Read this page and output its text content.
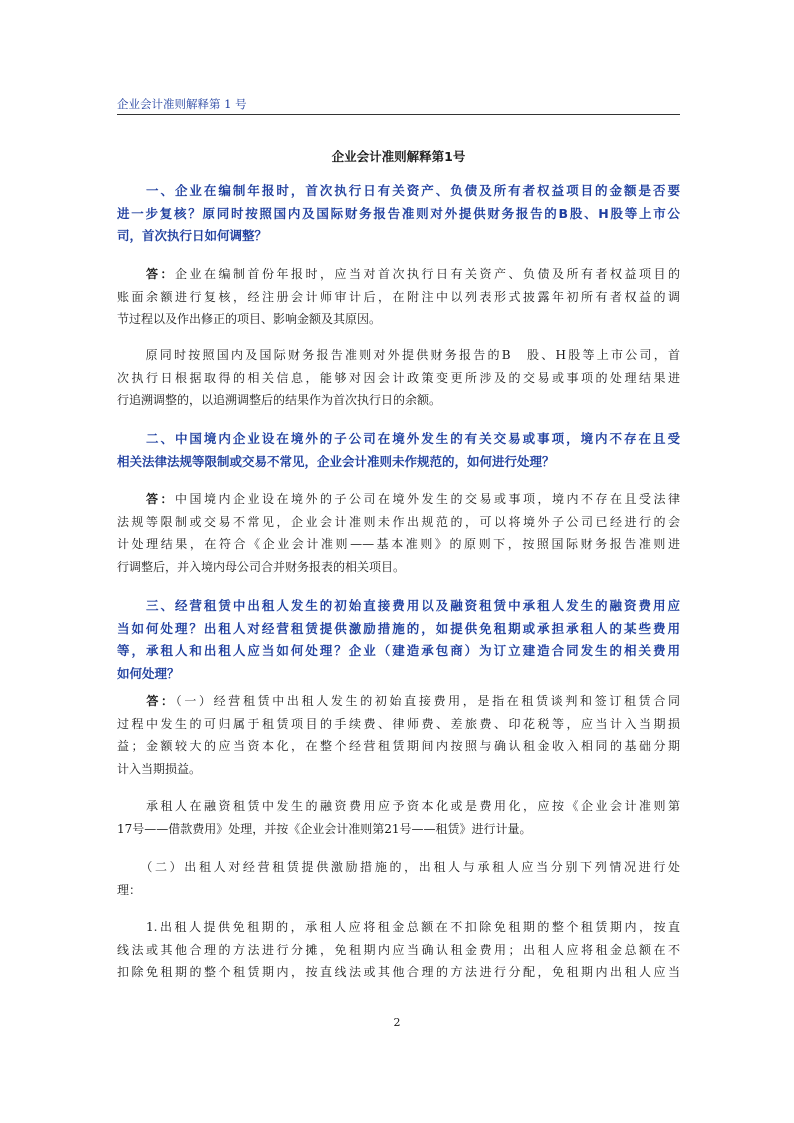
企业会计准则解释第 1 号
企业会计准则解释第1号
　　一、企业在编制年报时，首次执行日有关资产、负债及所有者权益项目的金额是否要
进一步复核？原同时按照国内及国际财务报告准则对外提供财务报告的B股、H股等上市公
司，首次执行日如何调整？
　　答：企业在编制首份年报时，应当对首次执行日有关资产、负债及所有者权益项目的
账面余额进行复核，经注册会计师审计后，在附注中以列表形式披露年初所有者权益的调
节过程以及作出修正的项目、影响金额及其原因。
　　原同时按照国内及国际财务报告准则对外提供财务报告的B　股、H股等上市公司，首
次执行日根据取得的相关信息，能够对因会计政策变更所涉及的交易或事项的处理结果进
行追溯调整的，以追溯调整后的结果作为首次执行日的余额。
　　二、中国境内企业设在境外的子公司在境外发生的有关交易或事项，境内不存在且受
相关法律法规等限制或交易不常见，企业会计准则未作规范的，如何进行处理？
　　答：中国境内企业设在境外的子公司在境外发生的交易或事项，境内不存在且受法律
法规等限制或交易不常见，企业会计准则未作出规范的，可以将境外子公司已经进行的会
计处理结果，在符合《企业会计准则——基本准则》的原则下，按照国际财务报告准则进
行调整后，并入境内母公司合并财务报表的相关项目。
　　三、经营租赁中出租人发生的初始直接费用以及融资租赁中承租人发生的融资费用应
当如何处理？出租人对经营租赁提供激励措施的，如提供免租期或承担承租人的某些费用
等，承租人和出租人应当如何处理？企业（建造承包商）为订立建造合同发生的相关费用
如何处理？
　　答：（一）经营租赁中出租人发生的初始直接费用，是指在租赁谈判和签订租赁合同
过程中发生的可归属于租赁项目的手续费、律师费、差旅费、印花税等，应当计入当期损
益；金额较大的应当资本化，在整个经营租赁期间内按照与确认租金收入相同的基础分期
计入当期损益。
　　承租人在融资租赁中发生的融资费用应予资本化或是费用化，应按《企业会计准则第
17号——借款费用》处理，并按《企业会计准则第21号——租赁》进行计量。
　　（二）出租人对经营租赁提供激励措施的，出租人与承租人应当分别下列情况进行处
理：
　　1.出租人提供免租期的，承租人应将租金总额在不扣除免租期的整个租赁期内，按直
线法或其他合理的方法进行分摊，免租期内应当确认租金费用；出租人应将租金总额在不
扣除免租期的整个租赁期内，按直线法或其他合理的方法进行分配，免租期内出租人应当
2
